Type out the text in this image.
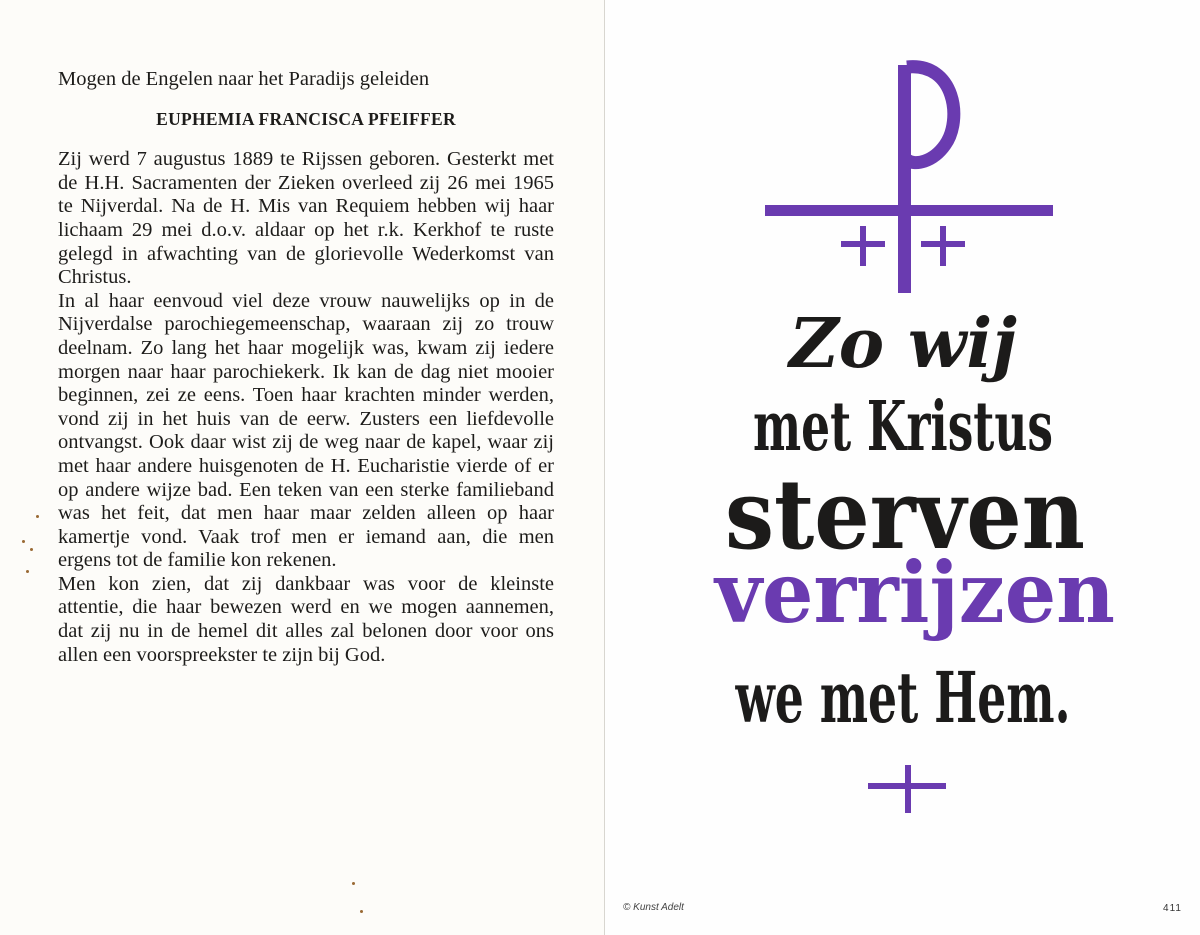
Mogen de Engelen naar het Paradijs geleiden

EUPHEMIA FRANCISCA PFEIFFER

Zij werd 7 augustus 1889 te Rijssen geboren. Gesterkt met de H.H. Sacramenten der Zieken overleed zij 26 mei 1965 te Nijverdal. Na de H. Mis van Requiem hebben wij haar lichaam 29 mei d.o.v. aldaar op het r.k. Kerkhof te ruste gelegd in afwachting van de glorievolle Wederkomst van Christus.

In al haar eenvoud viel deze vrouw nauwelijks op in de Nijverdalse parochiegemeenschap, waaraan zij zo trouw deelnam. Zo lang het haar mogelijk was, kwam zij iedere morgen naar haar parochiekerk. Ik kan de dag niet mooier beginnen, zei ze eens. Toen haar krachten minder werden, vond zij in het huis van de eerw. Zusters een liefdevolle ontvangst. Ook daar wist zij de weg naar de kapel, waar zij met haar andere huisgenoten de H. Eucharistie vierde of er op andere wijze bad. Een teken van een sterke familieband was het feit, dat men haar maar zelden alleen op haar kamertje vond. Vaak trof men er iemand aan, die men ergens tot de familie kon rekenen.

Men kon zien, dat zij dankbaar was voor de kleinste attentie, die haar bewezen werd en we mogen aannemen, dat zij nu in de hemel dit alles zal belonen door voor ons allen een voorspreekster te zijn bij God.

Zo wij
met Kristus
sterven
verrijzen
we met Hem.
© Kunst Adelt	411
